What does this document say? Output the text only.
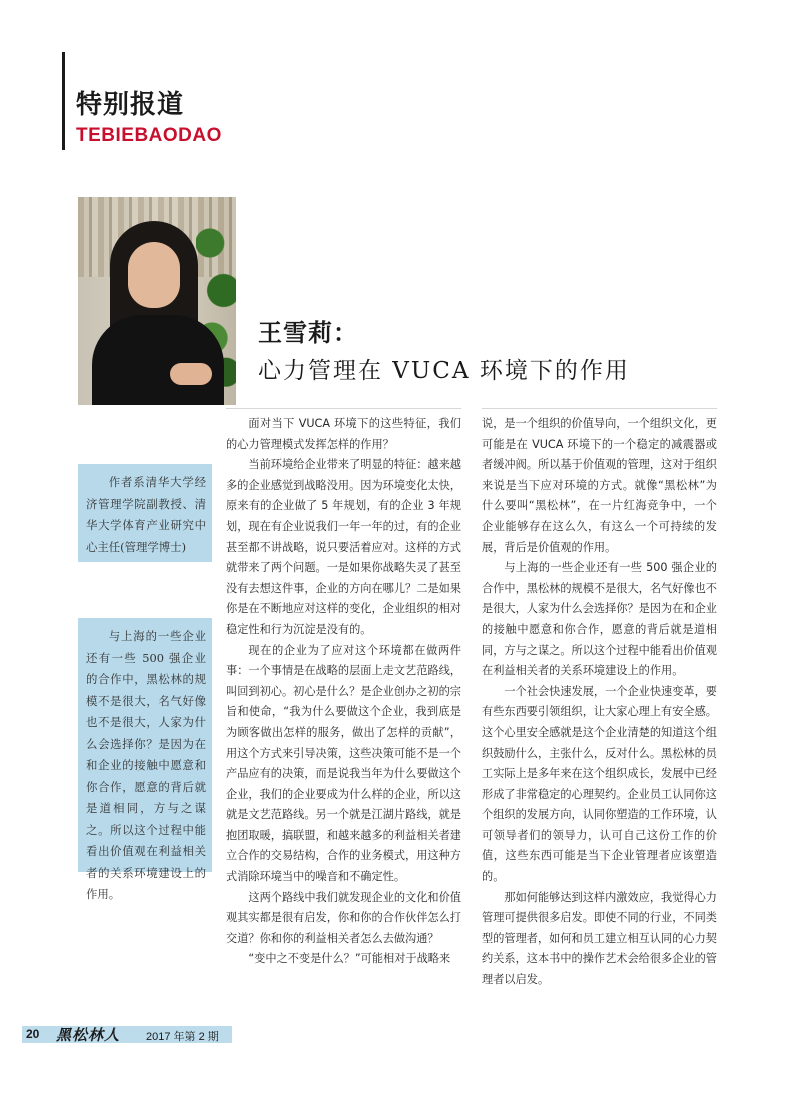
特别报道
TEBIEBAODAO
王雪莉：
心力管理在 VUCA 环境下的作用

作者系清华大学经济管理学院副教授、清华大学体育产业研究中心主任(管理学博士)

与上海的一些企业还有一些 500 强企业的合作中，黑松林的规模不是很大，名气好像也不是很大，人家为什么会选择你？是因为在和企业的接触中愿意和你合作，愿意的背后就是道相同，方与之谋之。所以这个过程中能看出价值观在利益相关者的关系环境建设上的作用。

面对当下 VUCA 环境下的这些特征，我们的心力管理模式发挥怎样的作用？

当前环境给企业带来了明显的特征：越来越多的企业感觉到战略没用。因为环境变化太快，原来有的企业做了 5 年规划，有的企业 3 年规划，现在有企业说我们一年一年的过，有的企业甚至都不讲战略，说只要活着应对。这样的方式就带来了两个问题。一是如果你战略失灵了甚至没有去想这件事，企业的方向在哪儿？二是如果你是在不断地应对这样的变化，企业组织的相对稳定性和行为沉淀是没有的。

现在的企业为了应对这个环境都在做两件事：一个事情是在战略的层面上走文艺范路线，叫回到初心。初心是什么？是企业创办之初的宗旨和使命，“我为什么要做这个企业，我到底是为顾客做出怎样的服务，做出了怎样的贡献”，用这个方式来引导决策，这些决策可能不是一个产品应有的决策，而是说我当年为什么要做这个企业，我们的企业要成为什么样的企业，所以这就是文艺范路线。另一个就是江湖片路线，就是抱团取暖，搞联盟，和越来越多的利益相关者建立合作的交易结构，合作的业务模式，用这种方式消除环境当中的噪音和不确定性。

这两个路线中我们就发现企业的文化和价值观其实都是很有启发，你和你的合作伙伴怎么打交道？你和你的利益相关者怎么去做沟通？

“变中之不变是什么？”可能相对于战略来

说，是一个组织的价值导向，一个组织文化，更可能是在 VUCA 环境下的一个稳定的减震器或者缓冲阀。所以基于价值观的管理，这对于组织来说是当下应对环境的方式。就像“黑松林”为什么要叫“黑松林”，在一片红海竞争中，一个企业能够存在这么久，有这么一个可持续的发展，背后是价值观的作用。

与上海的一些企业还有一些 500 强企业的合作中，黑松林的规模不是很大，名气好像也不是很大，人家为什么会选择你？是因为在和企业的接触中愿意和你合作，愿意的背后就是道相同，方与之谋之。所以这个过程中能看出价值观在利益相关者的关系环境建设上的作用。

一个社会快速发展，一个企业快速变革，要有些东西要引领组织，让大家心理上有安全感。这个心里安全感就是这个企业清楚的知道这个组织鼓励什么，主张什么，反对什么。黑松林的员工实际上是多年来在这个组织成长，发展中已经形成了非常稳定的心理契约。企业员工认同你这个组织的发展方向，认同你塑造的工作环境，认可领导者们的领导力，认可自己这份工作的价值，这些东西可能是当下企业管理者应该塑造的。

那如何能够达到这样内激效应，我觉得心力管理可提供很多启发。即使不同的行业，不同类型的管理者，如何和员工建立相互认同的心力契约关系，这本书中的操作艺术会给很多企业的管理者以启发。

20 黑松林人 2017 年第 2 期
